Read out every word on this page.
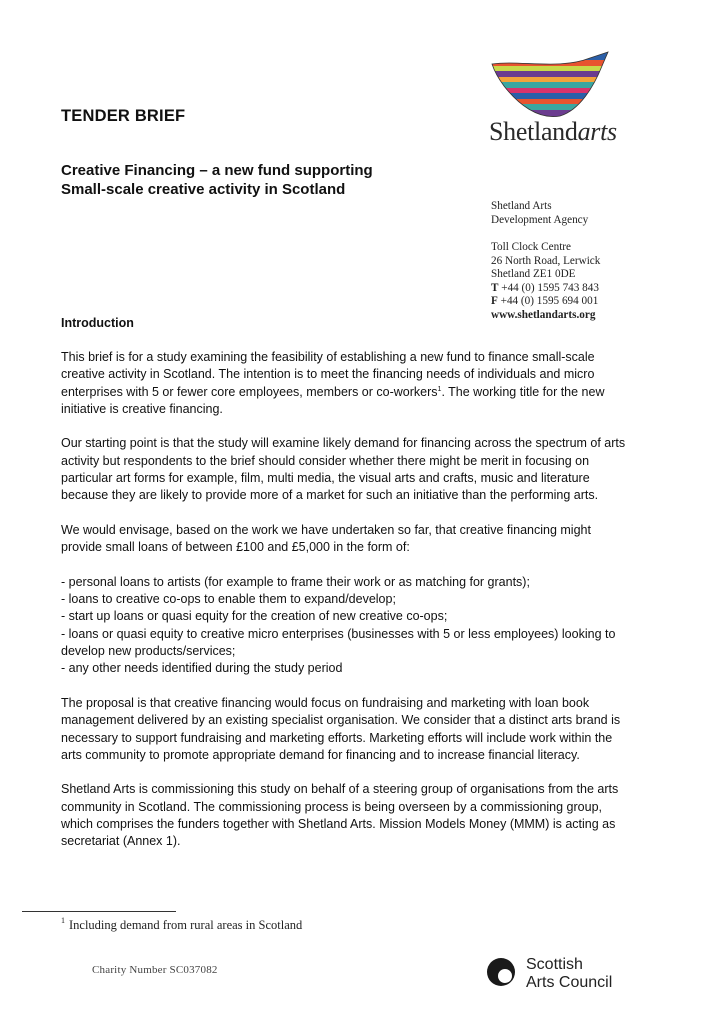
TENDER BRIEF
Creative Financing – a new fund supporting
Small-scale creative activity in Scotland
Shetlandarts
Shetland Arts
Development Agency
Toll Clock Centre
26 North Road, Lerwick
Shetland ZE1 0DE
T +44 (0) 1595 743 843
F +44 (0) 1595 694 001
www.shetlandarts.org
Introduction

This brief is for a study examining the feasibility of establishing a new fund to finance small-scale creative activity in Scotland. The intention is to meet the financing needs of individuals and micro enterprises with 5 or fewer core employees, members or co-workers$^1$. The working title for the new initiative is creative financing.

Our starting point is that the study will examine likely demand for financing across the spectrum of arts activity but respondents to the brief should consider whether there might be merit in focusing on particular art forms for example, film, multi media, the visual arts and crafts, music and literature because they are likely to provide more of a market for such an initiative than the performing arts.

We would envisage, based on the work we have undertaken so far, that creative financing might provide small loans of between £100 and £5,000 in the form of:

- personal loans to artists (for example to frame their work or as matching for grants);
- loans to creative co-ops to enable them to expand/develop;
- start up loans or quasi equity for the creation of new creative co-ops;
- loans or quasi equity to creative micro enterprises (businesses with 5 or less employees) looking to develop new products/services;
- any other needs identified during the study period

The proposal is that creative financing would focus on fundraising and marketing with loan book management delivered by an existing specialist organisation. We consider that a distinct arts brand is necessary to support fundraising and marketing efforts. Marketing efforts will include work within the arts community to promote appropriate demand for financing and to increase financial literacy.

Shetland Arts is commissioning this study on behalf of a steering group of organisations from the arts community in Scotland. The commissioning process is being overseen by a commissioning group, which comprises the funders together with Shetland Arts. Mission Models Money (MMM) is acting as secretariat (Annex 1).

$^1$ Including demand from rural areas in Scotland
Charity Number SC037082	Scottish
Arts Council
